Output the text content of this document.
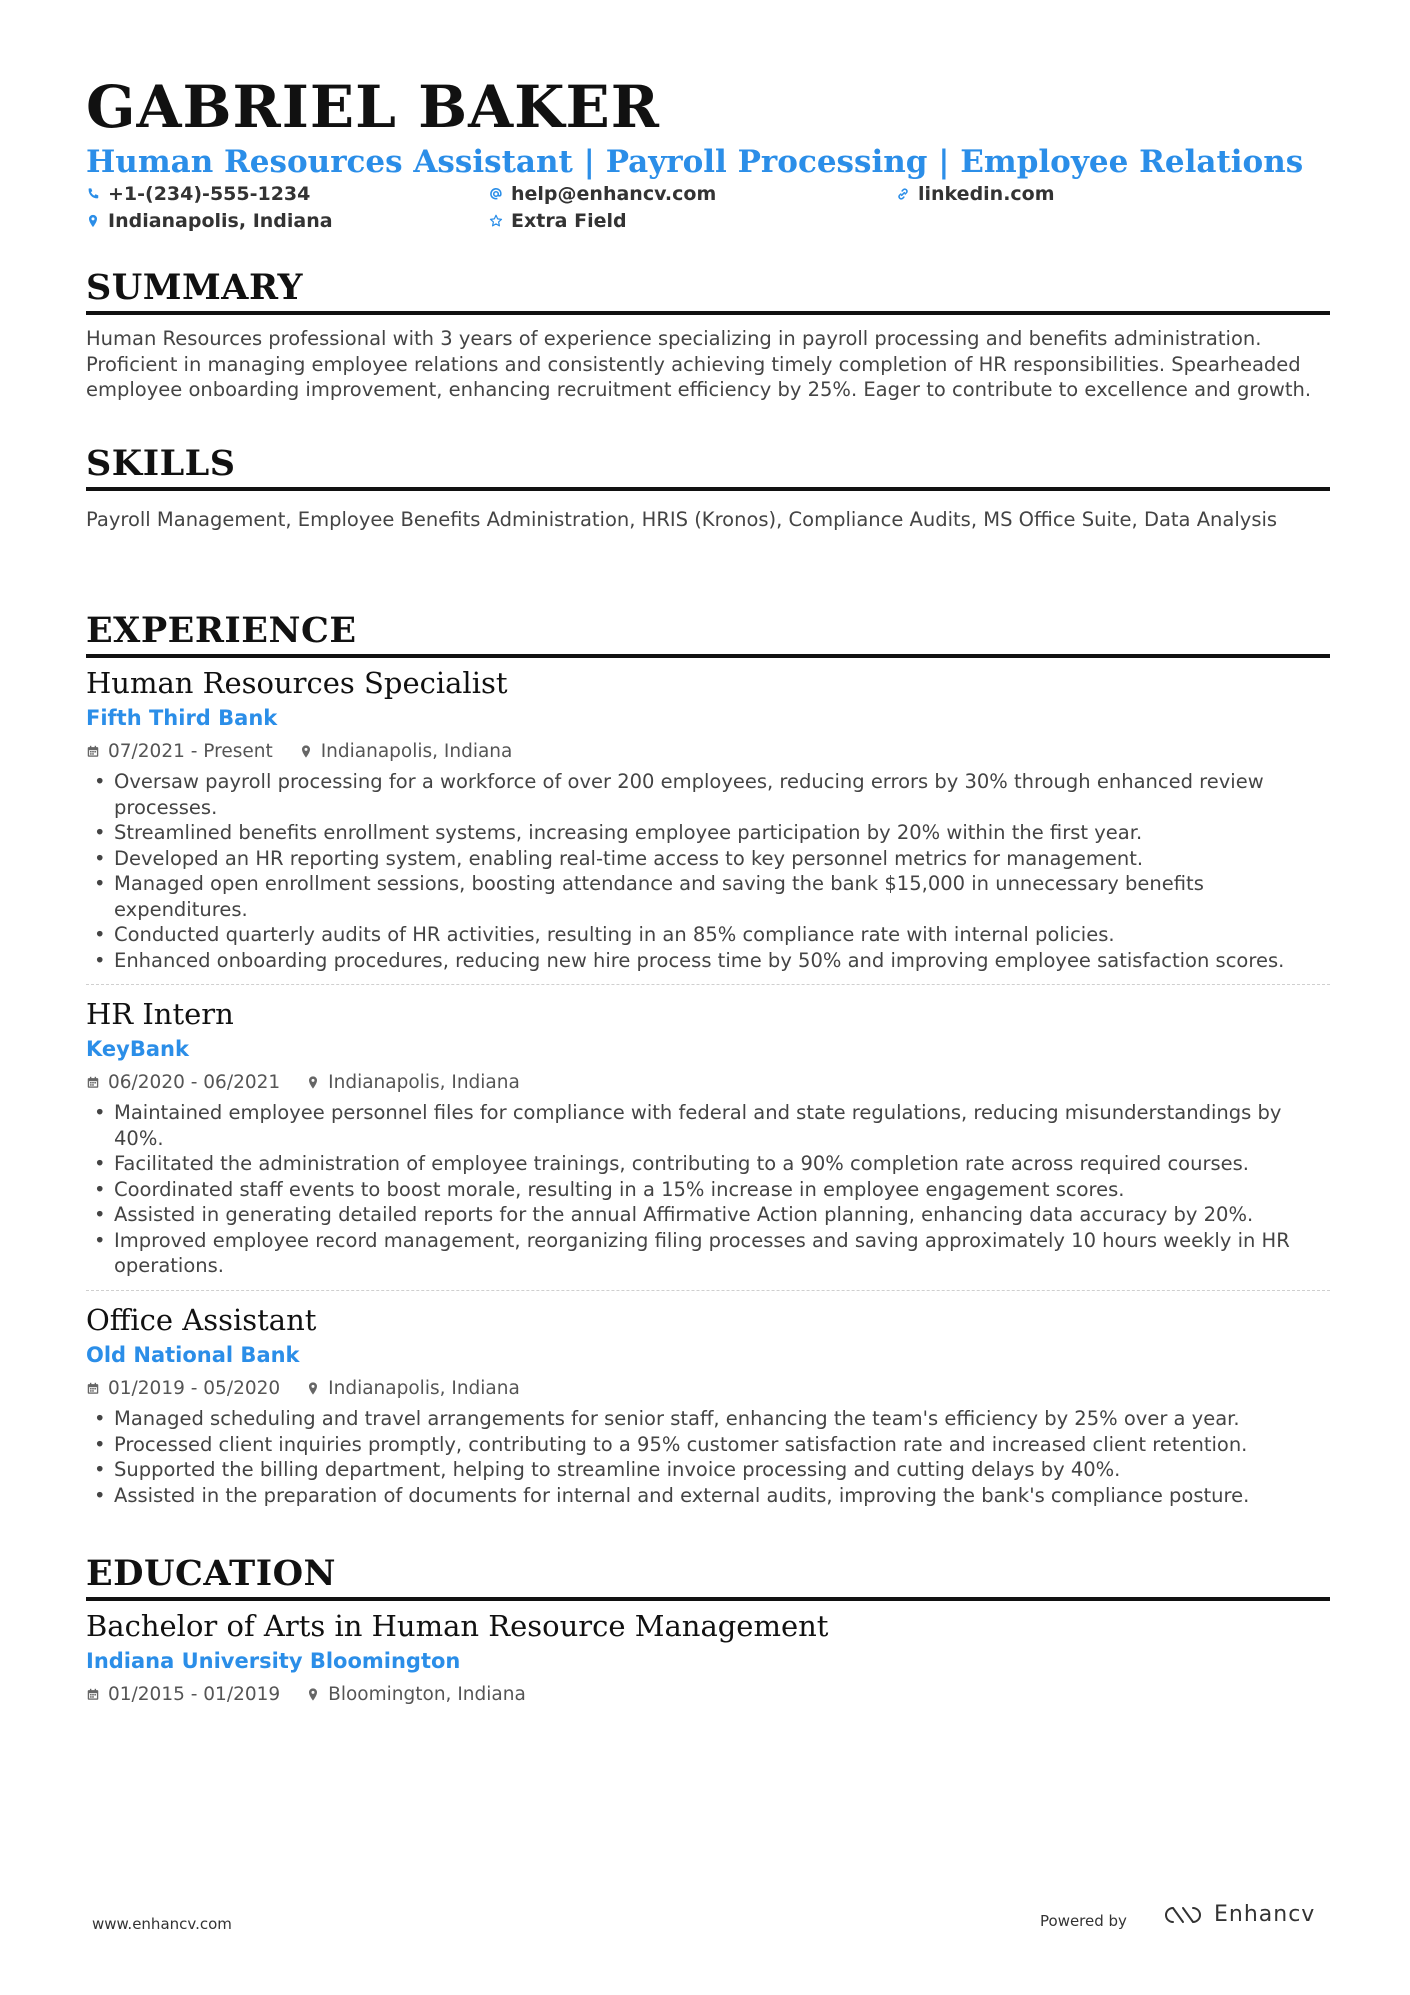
GABRIEL BAKER
Human Resources Assistant | Payroll Processing | Employee Relations
+1-(234)-555-1234	help@enhancv.com	linkedin.com
Indianapolis, Indiana	Extra Field
SUMMARY
Human Resources professional with 3 years of experience specializing in payroll processing and benefits administration. Proficient in managing employee relations and consistently achieving timely completion of HR responsibilities. Spearheaded employee onboarding improvement, enhancing recruitment efficiency by 25%. Eager to contribute to excellence and growth.
SKILLS
Payroll Management, Employee Benefits Administration, HRIS (Kronos), Compliance Audits, MS Office Suite, Data Analysis
EXPERIENCE
Human Resources Specialist
Fifth Third Bank
07/2021 - Present	Indianapolis, Indiana
• Oversaw payroll processing for a workforce of over 200 employees, reducing errors by 30% through enhanced review processes.
• Streamlined benefits enrollment systems, increasing employee participation by 20% within the first year.
• Developed an HR reporting system, enabling real-time access to key personnel metrics for management.
• Managed open enrollment sessions, boosting attendance and saving the bank $15,000 in unnecessary benefits expenditures.
• Conducted quarterly audits of HR activities, resulting in an 85% compliance rate with internal policies.
• Enhanced onboarding procedures, reducing new hire process time by 50% and improving employee satisfaction scores.
HR Intern
KeyBank
06/2020 - 06/2021	Indianapolis, Indiana
• Maintained employee personnel files for compliance with federal and state regulations, reducing misunderstandings by 40%.
• Facilitated the administration of employee trainings, contributing to a 90% completion rate across required courses.
• Coordinated staff events to boost morale, resulting in a 15% increase in employee engagement scores.
• Assisted in generating detailed reports for the annual Affirmative Action planning, enhancing data accuracy by 20%.
• Improved employee record management, reorganizing filing processes and saving approximately 10 hours weekly in HR operations.
Office Assistant
Old National Bank
01/2019 - 05/2020	Indianapolis, Indiana
• Managed scheduling and travel arrangements for senior staff, enhancing the team's efficiency by 25% over a year.
• Processed client inquiries promptly, contributing to a 95% customer satisfaction rate and increased client retention.
• Supported the billing department, helping to streamline invoice processing and cutting delays by 40%.
• Assisted in the preparation of documents for internal and external audits, improving the bank's compliance posture.
EDUCATION
Bachelor of Arts in Human Resource Management
Indiana University Bloomington
01/2015 - 01/2019	Bloomington, Indiana
www.enhancv.com	Powered by	Enhancv
